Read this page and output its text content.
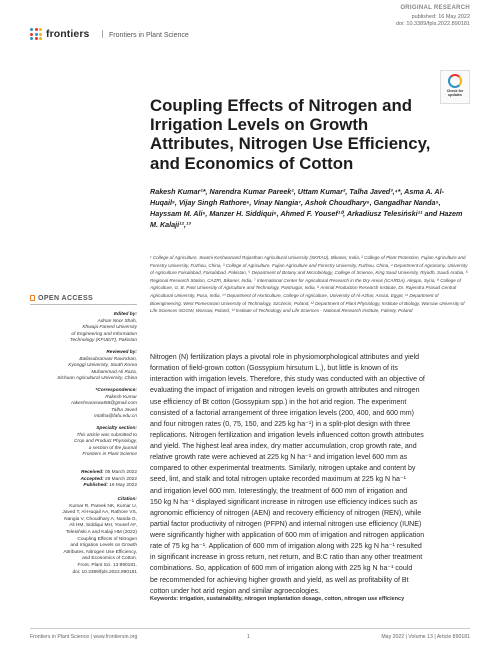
frontiers	Frontiers in Plant Science
ORIGINAL RESEARCH
published: 16 May 2022
doi: 10.3389/fpls.2022.890181
Check for
updates
Coupling Effects of Nitrogen and Irrigation Levels on Growth Attributes, Nitrogen Use Efficiency, and Economics of Cotton
Rakesh Kumar¹*, Narendra Kumar Pareek¹, Uttam Kumar², Talha Javed³,⁴*, Asma A. Al-Huqail⁵, Vijay Singh Rathore⁶, Vinay Nangia⁷, Ashok Choudhary⁸, Gangadhar Nanda⁹, Hayssam M. Ali⁵, Manzer H. Siddiqui⁵, Ahmed F. Yousef¹⁰, Arkadiusz Telesiński¹¹ and Hazem M. Kalaji¹²,¹³
¹ College of Agriculture, Swami Keshwanand Rajasthan Agricultural University (SKRAU), Bikaner, India, ² College of Plant Protection, Fujian Agriculture and Forestry University, Fuzhou, China, ³ College of Agriculture, Fujian Agriculture and Forestry University, Fuzhou, China, ⁴ Department of Agronomy, University of Agriculture Faisalabad, Faisalabad, Pakistan, ⁵ Department of Botany and Microbiology, College of Science, King Saud University, Riyadh, Saudi Arabia, ⁶ Regional Research Station, CAZRI, Bikaner, India, ⁷ International Center for Agricultural Research in the Dry Areas (ICARDA), Aleppo, Syria, ⁸ College of Agriculture, G. B. Pant University of Agriculture and Technology, Pantnagar, India, ⁹ Animal Production Research Institute, Dr. Rajendra Prasad Central Agricultural University, Pusa, India, ¹⁰ Department of Horticulture, College of Agriculture, University of Al-Azhar, Assiut, Egypt, ¹¹ Department of Bioengineering, West Pomeranian University of Technology, Szczecin, Poland, ¹² Department of Plant Physiology, Institute of Biology, Warsaw University of Life Sciences-SGGW, Warsaw, Poland, ¹³ Institute of Technology and Life Sciences - National Research Institute, Falenty, Poland
OPEN ACCESS
Edited by:
Adnan Noor Shah,
Khwaja Fareed University
of Engineering and Information
Technology (KFUEIT), Pakistan
Reviewed by:
Ballasubramani Ravindran,
Kyonggi University, South Korea
Muhammad Ali Raza,
Sichuan Agricultural University, China
*Correspondence:
Rakesh Kumar
rakeshsaraswat58@gmail.com
Talha Javed
mtalha@fafu.edu.cn
Specialty section:
This article was submitted to
Crop and Product Physiology,
a section of the journal
Frontiers in Plant Science
Received: 05 March 2022
Accepted: 28 March 2022
Published: 16 May 2022
Citation:
Kumar R, Pareek NK, Kumar U,
Javed T, Al-Huqail AA, Rathore VS,
Nangia V, Choudhary A, Nanda G,
Ali HM, Siddiqui MH, Yousef AF,
Telesiński A and Kalaji HM (2022)
Coupling Effects of Nitrogen
and Irrigation Levels on Growth
Attributes, Nitrogen Use Efficiency,
and Economics of Cotton.
Front. Plant Sci. 13:890181.
doi: 10.3389/fpls.2022.890181
Nitrogen (N) fertilization plays a pivotal role in physiomorphological attributes and yield
formation of field-grown cotton (Gossypium hirsutum L.), but little is known of its
interaction with irrigation levels. Therefore, this study was conducted with an objective of
evaluating the impact of irrigation and nitrogen levels on growth attributes and nitrogen
use efficiency of Bt cotton (Gossypium spp.) in the hot arid region. The experiment
consisted of a factorial arrangement of three irrigation levels (200, 400, and 600 mm)
and four nitrogen rates (0, 75, 150, and 225 kg ha⁻¹) in a split-plot design with three
replications. Nitrogen fertilization and irrigation levels influenced cotton growth attributes
and yield. The highest leaf area index, dry matter accumulation, crop growth rate, and
relative growth rate were achieved at 225 kg N ha⁻¹ and irrigation level 600 mm as
compared to other experimental treatments. Similarly, nitrogen uptake and content by
seed, lint, and stalk and total nitrogen uptake recorded maximum at 225 kg N ha⁻¹
and irrigation level 600 mm. Interestingly, the treatment of 600 mm of irrigation and
150 kg N ha⁻¹ displayed significant increase in nitrogen use efficiency indices such as
agronomic efficiency of nitrogen (AEN) and recovery efficiency of nitrogen (REN), while
partial factor productivity of nitrogen (PFPN) and internal nitrogen use efficiency (IUNE)
were significantly higher with application of 600 mm of irrigation and nitrogen application
rate of 75 kg ha⁻¹. Application of 600 mm of irrigation along with 225 kg N ha⁻¹ resulted
in significant increase in gross return, net return, and B:C ratio than any other treatment
combinations. So, application of 600 mm of irrigation along with 225 kg N ha⁻¹ could
be recommended for achieving higher growth and yield, as well as profitability of Bt
cotton under hot arid region and similar agroecologies.
Keywords: irrigation, sustainability, nitrogen implantation dosage, cotton, nitrogen use efficiency
Frontiers in Plant Science | www.frontiersin.org	1	May 2022 | Volume 13 | Article 890181
